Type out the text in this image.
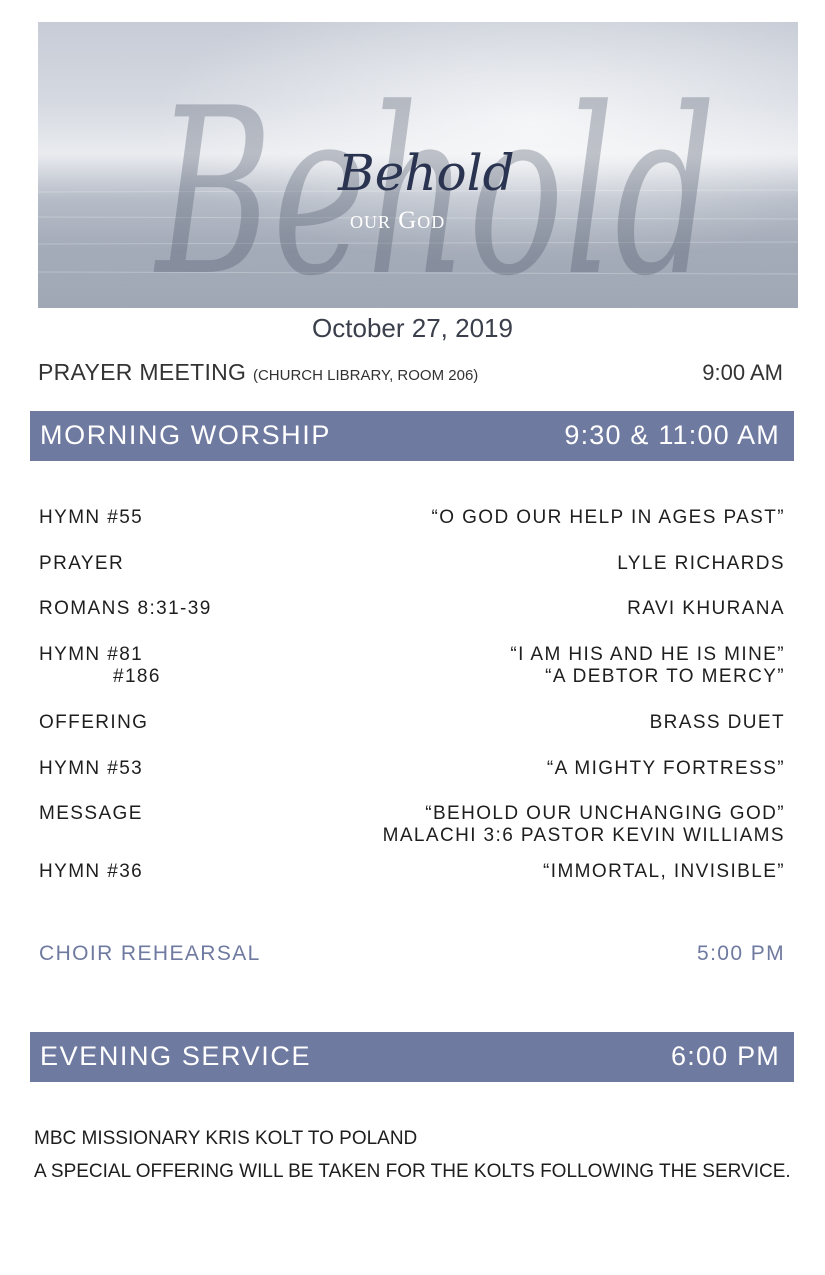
Behold
Behold
our God
October 27, 2019
PRAYER MEETING (CHURCH LIBRARY, ROOM 206)	9:00 AM
MORNING WORSHIP	9:30 & 11:00 AM
HYMN #55	“O GOD OUR HELP IN AGES PAST”
PRAYER	LYLE RICHARDS
ROMANS 8:31-39	RAVI KHURANA
HYMN #81	“I AM HIS AND HE IS MINE”
#186	“A DEBTOR TO MERCY”
OFFERING	BRASS DUET
HYMN #53	“A MIGHTY FORTRESS”
MESSAGE	“BEHOLD OUR UNCHANGING GOD”
MALACHI 3:6 PASTOR KEVIN WILLIAMS
HYMN #36	“IMMORTAL, INVISIBLE”
CHOIR REHEARSAL	5:00 PM
EVENING SERVICE	6:00 PM
MBC MISSIONARY KRIS KOLT TO POLAND
A SPECIAL OFFERING WILL BE TAKEN FOR THE KOLTS FOLLOWING THE SERVICE.
